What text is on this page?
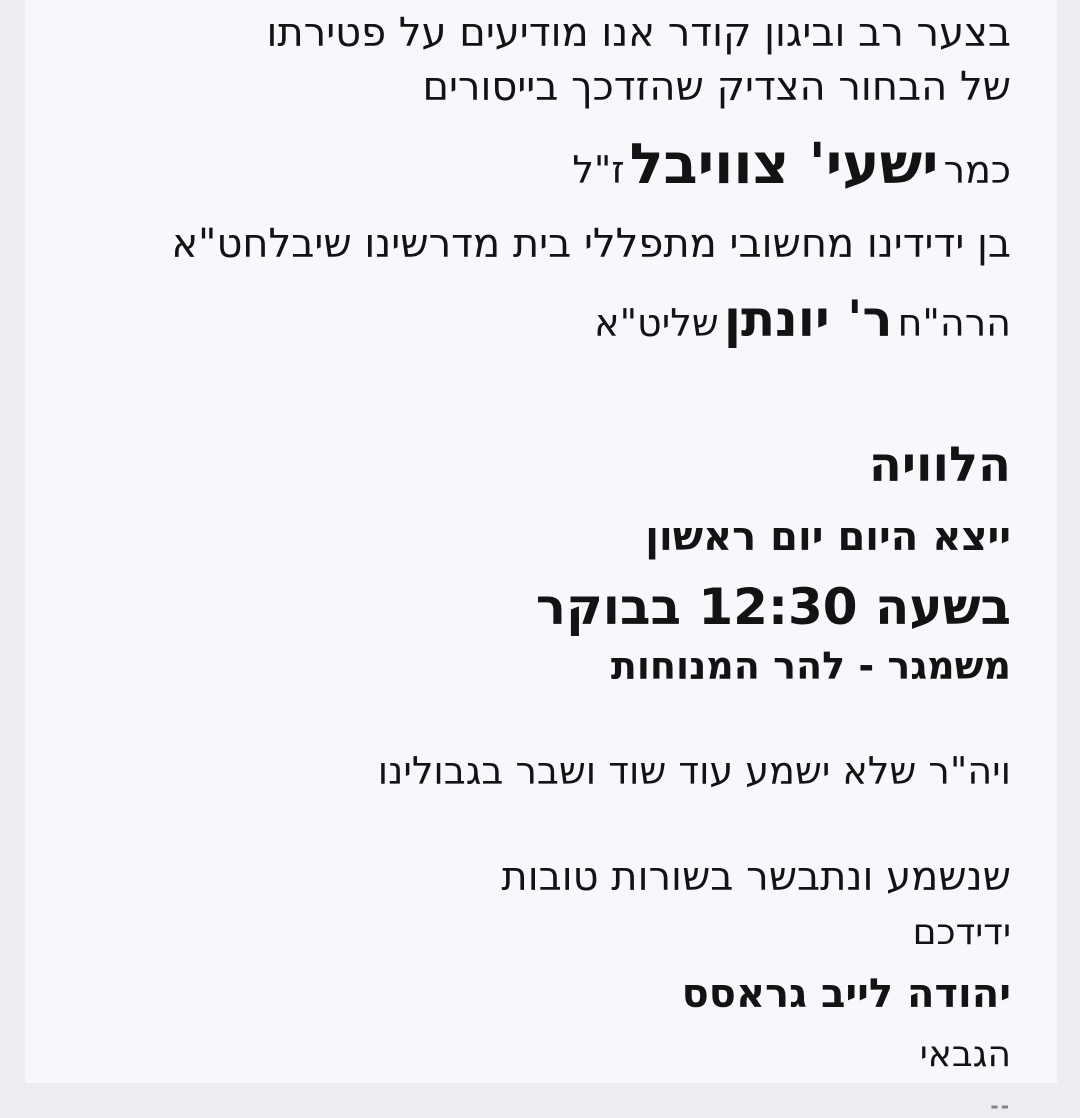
בצער רב וביגון קודר אנו מודיעים על פטירתו
של הבחור הצדיק שהזדכך בייסורים
כמר ישעי' צוויבל ז"ל
בן ידידינו מחשובי מתפללי בית מדרשינו שיבלחט"א
הרה"ח ר' יונתן שליט"א
הלוויה
ייצא היום יום ראשון
בשעה 12:30 בבוקר
משמגר - להר המנוחות
ויה"ר שלא ישמע עוד שוד ושבר בגבולינו
שנשמע ונתבשר בשורות טובות
ידידכם
יהודה לייב גראסס
הגבאי
--
